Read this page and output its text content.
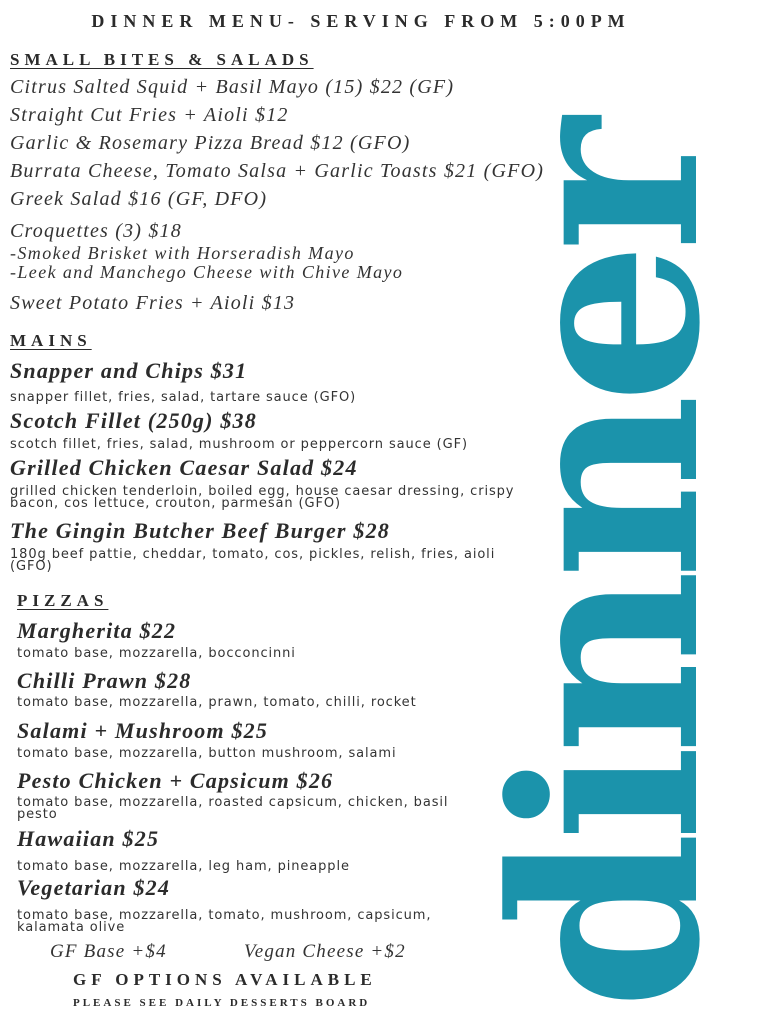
DINNER MENU- SERVING FROM 5:00PM
SMALL BITES & SALADS
Citrus Salted Squid + Basil Mayo (15) $22 (GF)
Straight Cut Fries + Aioli $12
Garlic & Rosemary Pizza Bread $12 (GFO)
Burrata Cheese, Tomato Salsa + Garlic Toasts $21 (GFO)
Greek Salad $16 (GF, DFO)
Croquettes (3) $18
-Smoked Brisket with Horseradish Mayo
-Leek and Manchego Cheese with Chive Mayo
Sweet Potato Fries + Aioli $13
MAINS
Snapper and Chips $31
snapper fillet, fries, salad, tartare sauce (GFO)
Scotch Fillet (250g) $38
scotch fillet, fries, salad, mushroom or peppercorn sauce (GF)
Grilled Chicken Caesar Salad $24
grilled chicken tenderloin, boiled egg, house caesar dressing, crispy bacon, cos lettuce, crouton, parmesan (GFO)
The Gingin Butcher Beef Burger $28
180g beef pattie, cheddar, tomato, cos, pickles, relish, fries, aioli (GFO)
PIZZAS
Margherita $22
tomato base, mozzarella, bocconcinni
Chilli Prawn $28
tomato base, mozzarella, prawn, tomato, chilli, rocket
Salami + Mushroom $25
tomato base, mozzarella, button mushroom, salami
Pesto Chicken + Capsicum $26
tomato base, mozzarella, roasted capsicum, chicken, basil pesto
Hawaiian $25
tomato base, mozzarella, leg ham, pineapple
Vegetarian $24
tomato base, mozzarella, tomato, mushroom, capsicum, kalamata olive
GF Base +$4	Vegan Cheese +$2
GF OPTIONS AVAILABLE
PLEASE SEE DAILY DESSERTS BOARD dinner
